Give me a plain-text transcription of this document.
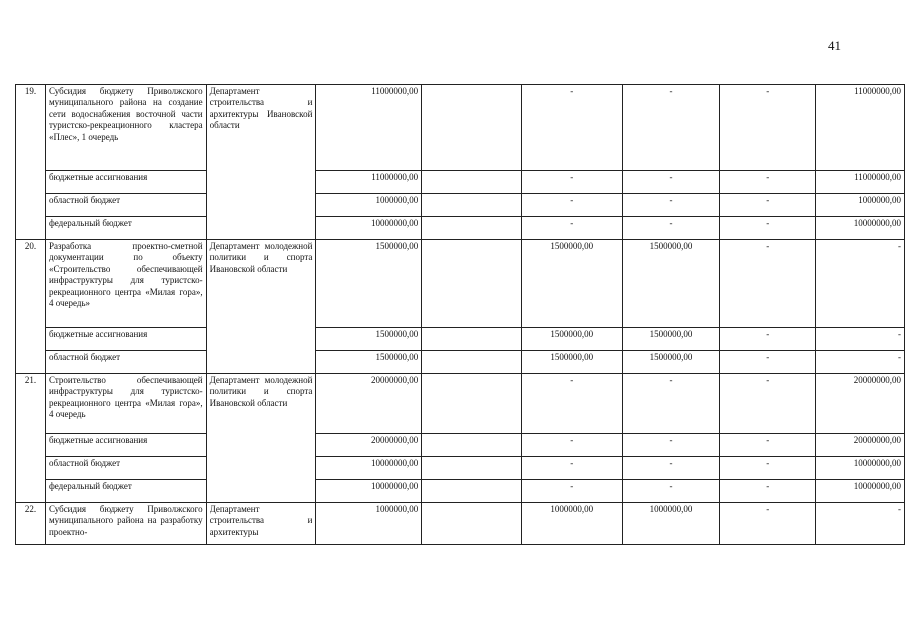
41
19.	Субсидия бюджету Приволжского муниципального района на создание сети водоснабжения восточной части туристско-рекреационного кластера «Плес», 1 очередь	Департамент строительства и архитектуры Ивановской области	11000000,00		-	-	-	11000000,00
	бюджетные ассигнования		11000000,00		-	-	-	11000000,00
	областной бюджет		1000000,00		-	-	-	1000000,00
	федеральный бюджет		10000000,00		-	-	-	10000000,00
20.	Разработка проектно-сметной документации по объекту «Строительство обеспечивающей инфраструктуры для туристско-рекреационного центра «Милая гора», 4 очередь»	Департамент молодежной политики и спорта Ивановской области	1500000,00		1500000,00	1500000,00	-	-
	бюджетные ассигнования		1500000,00		1500000,00	1500000,00	-	-
	областной бюджет		1500000,00		1500000,00	1500000,00	-	-
21.	Строительство обеспечивающей инфраструктуры для туристско-рекреационного центра «Милая гора», 4 очередь	Департамент молодежной политики и спорта Ивановской области	20000000,00		-	-	-	20000000,00
	бюджетные ассигнования		20000000,00		-	-	-	20000000,00
	областной бюджет		10000000,00		-	-	-	10000000,00
	федеральный бюджет		10000000,00		-	-	-	10000000,00
22.	Субсидия бюджету Приволжского муниципального района на разработку проектно-	Департамент строительства и архитектуры	1000000,00		1000000,00	1000000,00	-	-
